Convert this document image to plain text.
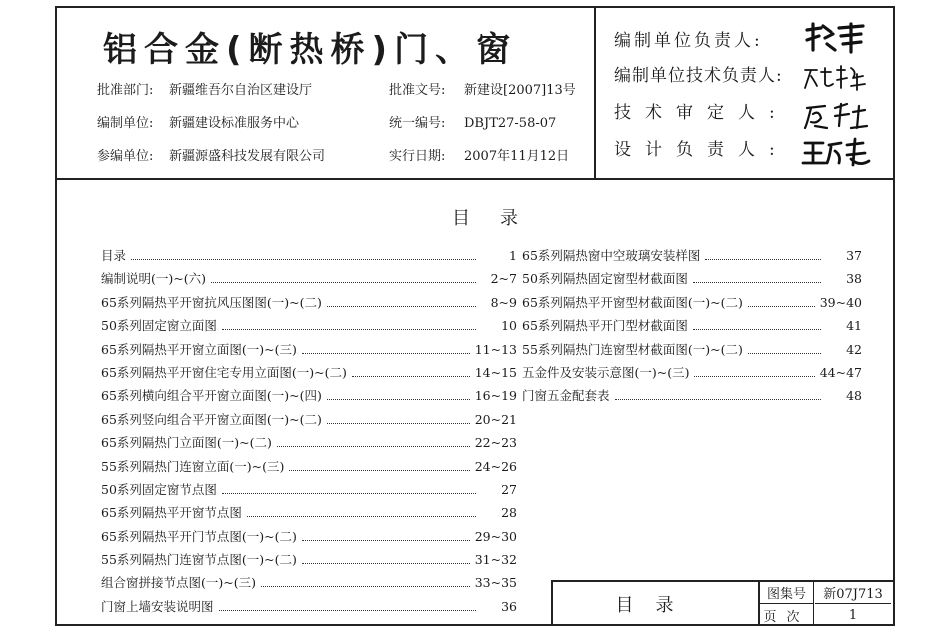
铝合金(断热桥)门、窗
批准部门: 新疆维吾尔自治区建设厅	批准文号: 新建设[2007]13号
编制单位: 新疆建设标准服务中心	统一编号: DBJT27-58-07
参编单位: 新疆源盛科技发展有限公司	实行日期: 2007年11月12日
编制单位负责人:
编制单位技术负责人:
技术审定人:
设计负责人:
目录
目录	1
编制说明(一)~(六)	2~7
65系列隔热平开窗抗风压图图(一)~(二)	8~9
50系列固定窗立面图	10
65系列隔热平开窗立面图(一)~(三)	11~13
65系列隔热平开窗住宅专用立面图(一)~(二)	14~15
65系列横向组合平开窗立面图(一)~(四)	16~19
65系列竖向组合平开窗立面图(一)~(二)	20~21
65系列隔热门立面图(一)~(二)	22~23
55系列隔热门连窗立面(一)~(三)	24~26
50系列固定窗节点图	27
65系列隔热平开窗节点图	28
65系列隔热平开门节点图(一)~(二)	29~30
55系列隔热门连窗节点图(一)~(二)	31~32
组合窗拼接节点图(一)~(三)	33~35
门窗上墙安装说明图	36
65系列隔热窗中空玻璃安装样图	37
50系列隔热固定窗型材截面图	38
65系列隔热平开窗型材截面图(一)~(二)	39~40
65系列隔热平开门型材截面图	41
55系列隔热门连窗型材截面图(一)~(二)	42
五金件及安装示意图(一)~(三)	44~47
门窗五金配套表	48
目录
图集号	新07J713
页次	1
